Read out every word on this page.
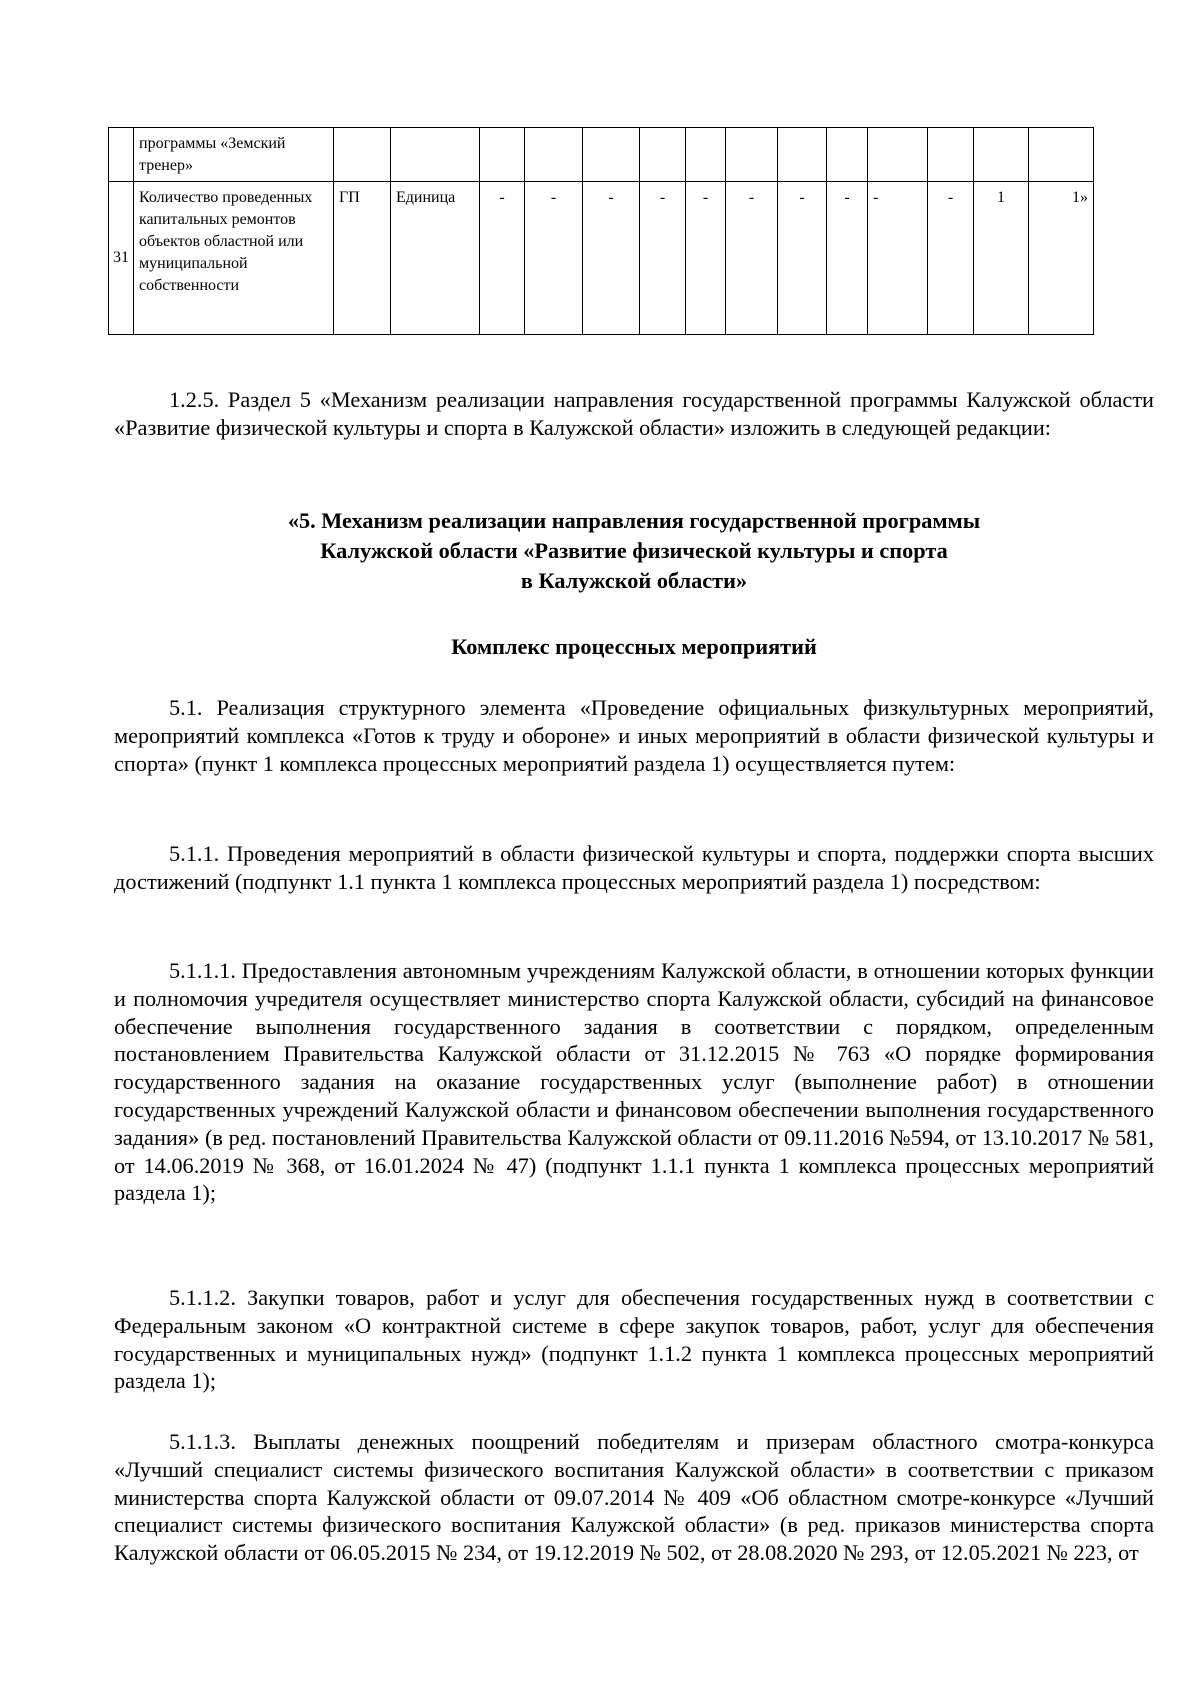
	программы «Земский тренер»														
31	Количество проведенных капитальных ремонтов объектов областной или муниципальной собственности	ГП	Единица	-	-	-	-	-	-	-	-	-	-	1	1»
1.2.5. Раздел 5 «Механизм реализации направления государственной программы Калужской области «Развитие физической культуры и спорта в Калужской области» изложить в следующей редакции:
«5. Механизм реализации направления государственной программы
Калужской области «Развитие физической культуры и спорта
в Калужской области»
Комплекс процессных мероприятий
5.1. Реализация структурного элемента «Проведение официальных физкультурных мероприятий, мероприятий комплекса «Готов к труду и обороне» и иных мероприятий в области физической культуры и спорта» (пункт 1 комплекса процессных мероприятий раздела 1) осуществляется путем:
5.1.1. Проведения мероприятий в области физической культуры и спорта, поддержки спорта высших достижений (подпункт 1.1 пункта 1 комплекса процессных мероприятий раздела 1) посредством:
5.1.1.1. Предоставления автономным учреждениям Калужской области, в отношении которых функции и полномочия учредителя осуществляет министерство спорта Калужской области, субсидий на финансовое обеспечение выполнения государственного задания в соответствии с порядком, определенным постановлением Правительства Калужской области от 31.12.2015 № 763 «О порядке формирования государственного задания на оказание государственных услуг (выполнение работ) в отношении государственных учреждений Калужской области и финансовом обеспечении выполнения государственного задания» (в ред. постановлений Правительства Калужской области от 09.11.2016 №594, от 13.10.2017 № 581, от 14.06.2019 № 368, от 16.01.2024 № 47) (подпункт 1.1.1 пункта 1 комплекса процессных мероприятий раздела 1);
5.1.1.2. Закупки товаров, работ и услуг для обеспечения государственных нужд в соответствии с Федеральным законом «О контрактной системе в сфере закупок товаров, работ, услуг для обеспечения государственных и муниципальных нужд» (подпункт 1.1.2 пункта 1 комплекса процессных мероприятий раздела 1);
5.1.1.3. Выплаты денежных поощрений победителям и призерам областного смотра-конкурса «Лучший специалист системы физического воспитания Калужской области» в соответствии с приказом министерства спорта Калужской области от 09.07.2014 № 409 «Об областном смотре-конкурсе «Лучший специалист системы физического воспитания Калужской области» (в ред. приказов министерства спорта Калужской области от 06.05.2015 № 234, от 19.12.2019 № 502, от 28.08.2020 № 293, от 12.05.2021 № 223, от
